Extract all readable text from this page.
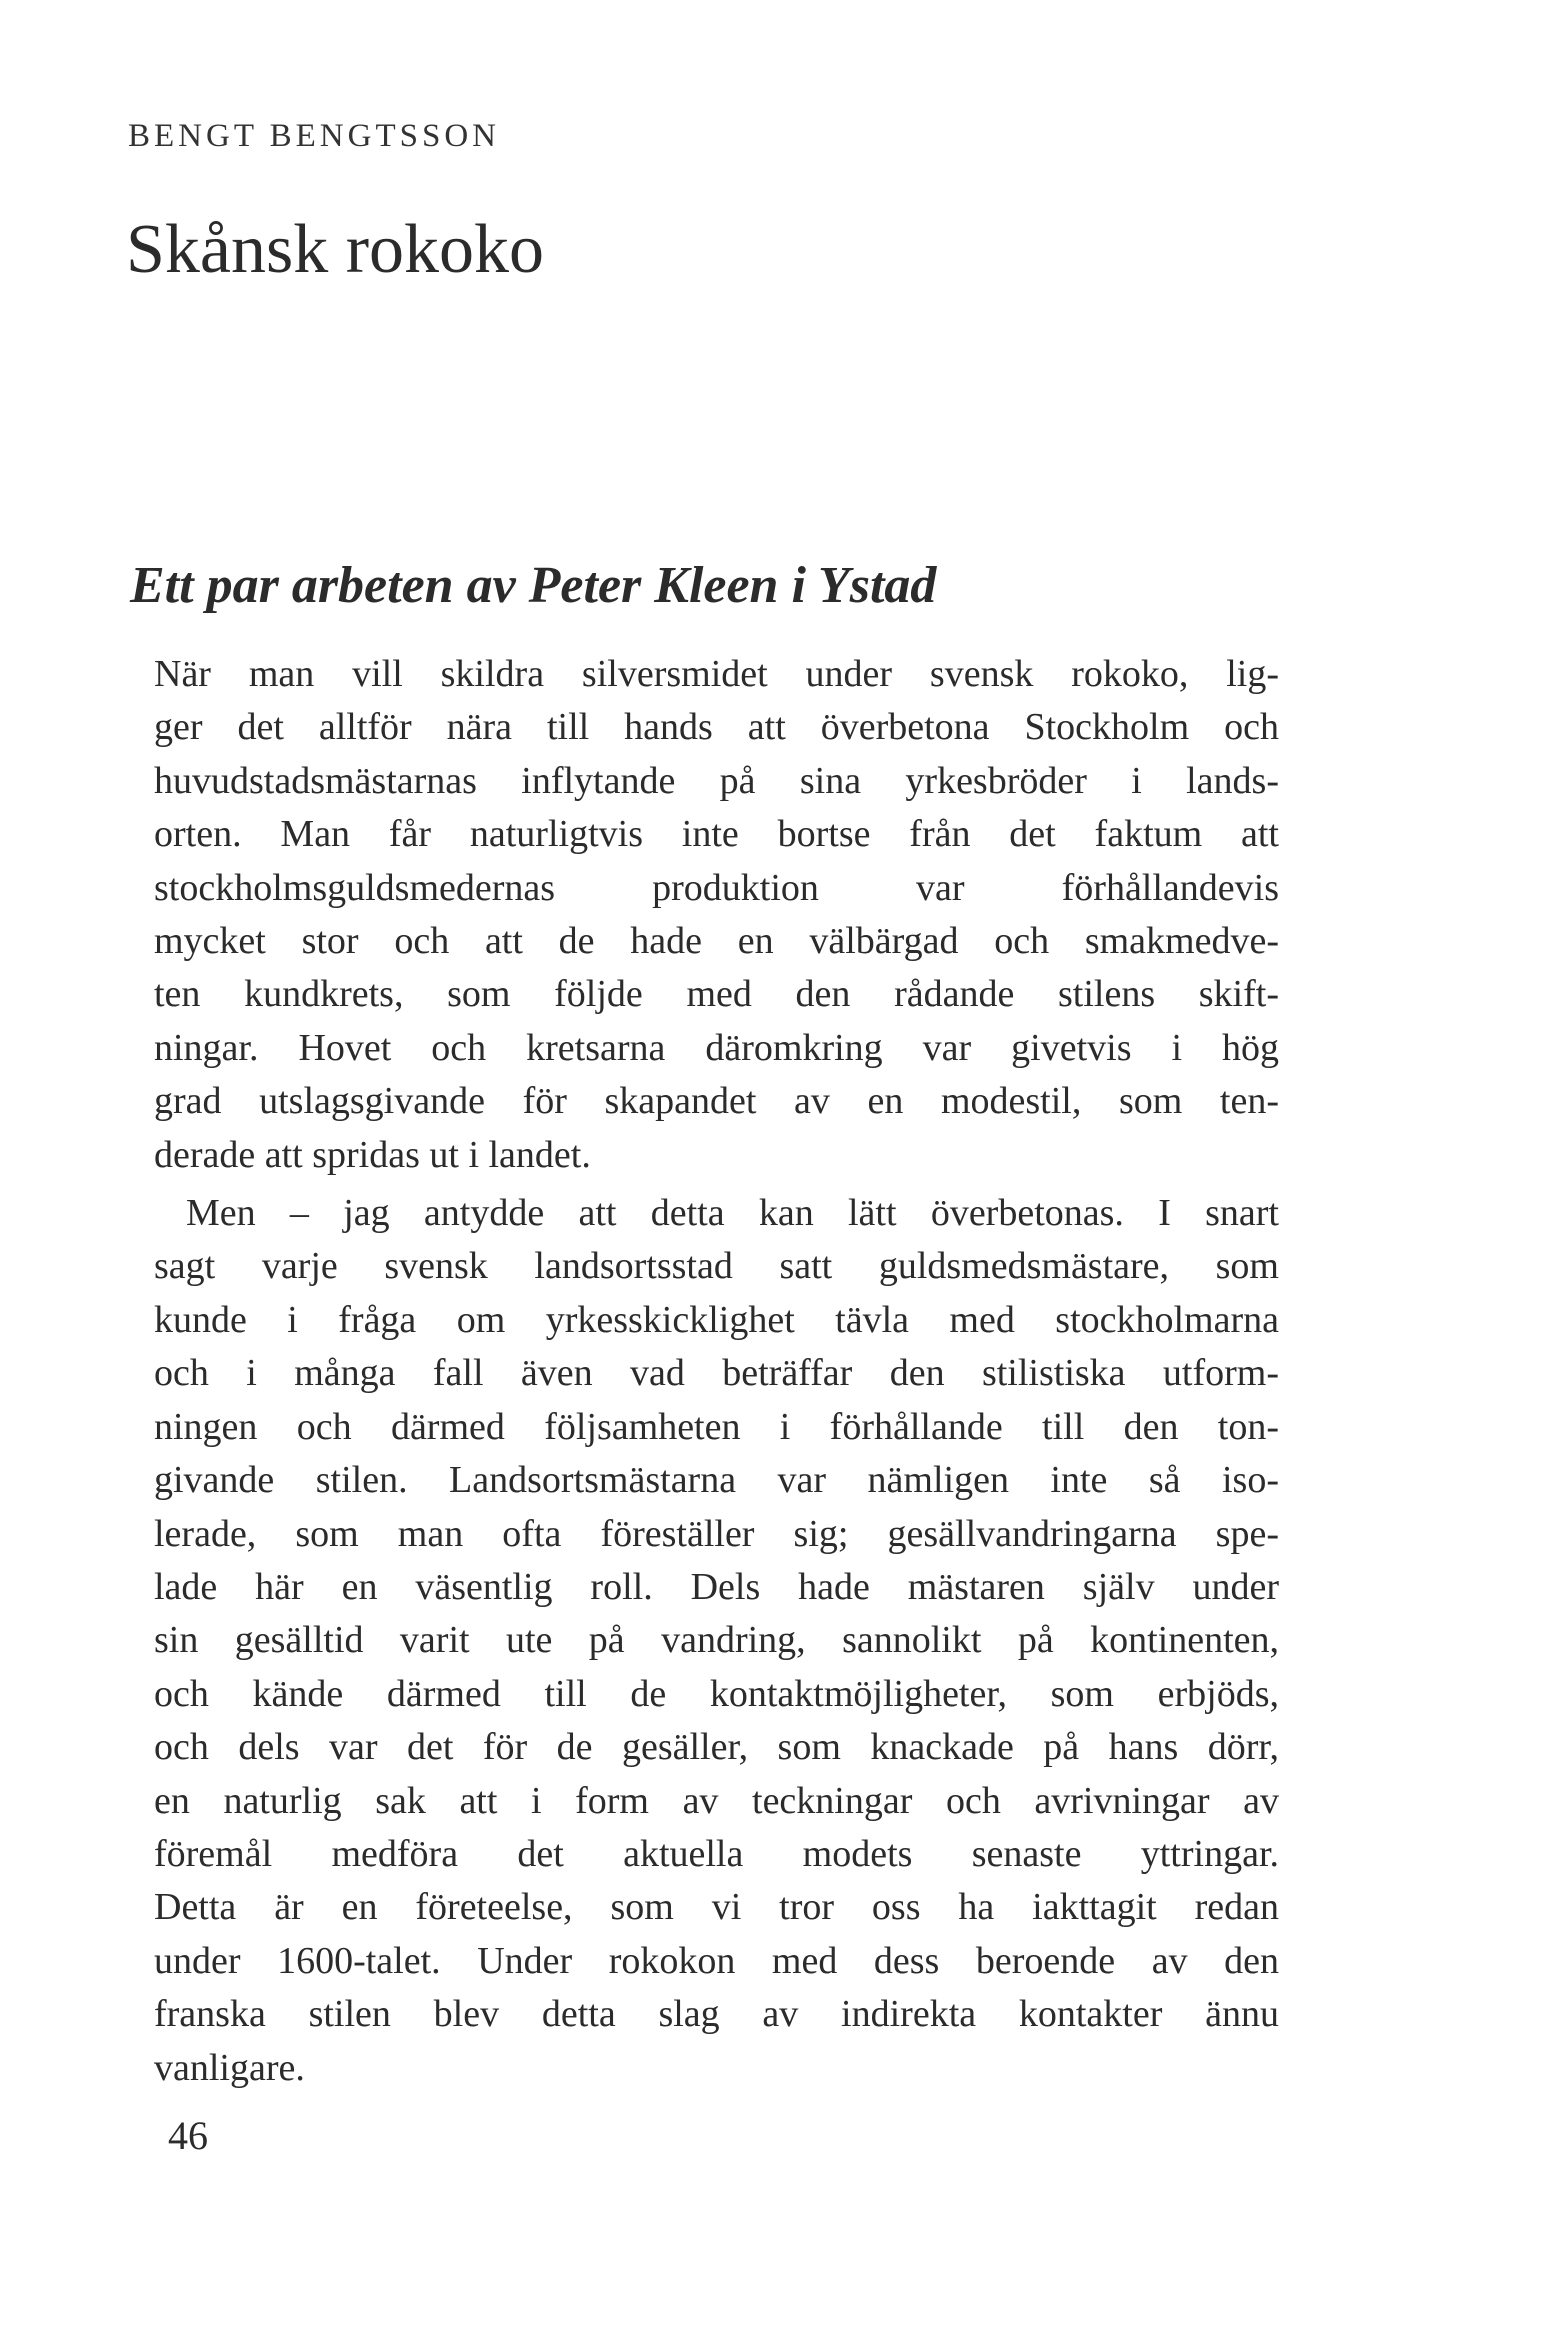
BENGT BENGTSSON
Skånsk rokoko
Ett par arbeten av Peter Kleen i Ystad
När man vill skildra silversmidet under svensk rokoko, lig-
ger det alltför nära till hands att överbetona Stockholm och
huvudstadsmästarnas inflytande på sina yrkesbröder i lands-
orten. Man får naturligtvis inte bortse från det faktum att
stockholmsguldsmedernas produktion var förhållandevis
mycket stor och att de hade en välbärgad och smakmedve-
ten kundkrets, som följde med den rådande stilens skift-
ningar. Hovet och kretsarna däromkring var givetvis i hög
grad utslagsgivande för skapandet av en modestil, som ten-
derade att spridas ut i landet.
Men – jag antydde att detta kan lätt överbetonas. I snart
sagt varje svensk landsortsstad satt guldsmedsmästare, som
kunde i fråga om yrkesskicklighet tävla med stockholmarna
och i många fall även vad beträffar den stilistiska utform-
ningen och därmed följsamheten i förhållande till den ton-
givande stilen. Landsortsmästarna var nämligen inte så iso-
lerade, som man ofta föreställer sig; gesällvandringarna spe-
lade här en väsentlig roll. Dels hade mästaren själv under
sin gesälltid varit ute på vandring, sannolikt på kontinenten,
och kände därmed till de kontaktmöjligheter, som erbjöds,
och dels var det för de gesäller, som knackade på hans dörr,
en naturlig sak att i form av teckningar och avrivningar av
föremål medföra det aktuella modets senaste yttringar.
Detta är en företeelse, som vi tror oss ha iakttagit redan
under 1600-talet. Under rokokon med dess beroende av den
franska stilen blev detta slag av indirekta kontakter ännu
vanligare.
46
